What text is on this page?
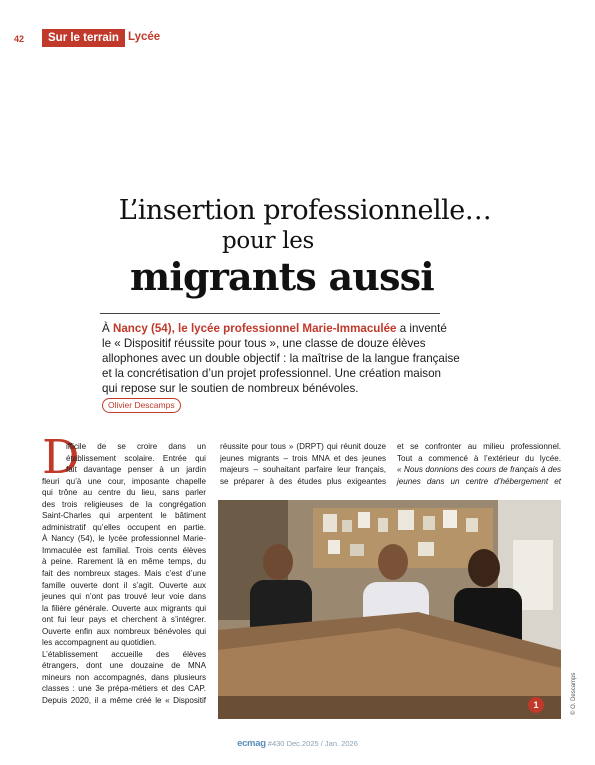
42	Sur le terrain Lycée
L’insertion professionnelle…
pour les
migrants aussi
À Nancy (54), le lycée professionnel Marie-Immaculée a inventé
le « Dispositif réussite pour tous », une classe de douze élèves
allophones avec un double objectif : la maîtrise de la langue française
et la concrétisation d’un projet professionnel. Une création maison
qui repose sur le soutien de nombreux bénévoles.
Olivier Descamps
D
ifficile de se croire dans un
établissement scolaire. Entrée qui
fait davantage penser à un jardin
fleuri qu’à une cour, imposante chapelle
qui trône au centre du lieu, sans parler
des trois religieuses de la congrégation
Saint-Charles qui arpentent le bâtiment
administratif qu’elles occupent en partie.
À Nancy (54), le lycée professionnel Marie-
Immaculée est familial. Trois cents élèves
à peine. Rarement là en même temps, du
fait des nombreux stages. Mais c’est d’une
famille ouverte dont il s’agit. Ouverte aux
jeunes qui n’ont pas trouvé leur voie dans
la filière générale. Ouverte aux migrants qui
ont fui leur pays et cherchent à s’intégrer.
Ouverte enfin aux nombreux bénévoles qui
les accompagnent au quotidien.
L’établissement accueille des élèves
étrangers, dont une douzaine de MNA
mineurs non accompagnés, dans plusieurs
classes : une 3e prépa-métiers et des CAP.
Depuis 2020, il a même créé le « Dispositif
réussite pour tous » (DRPT) qui réunit douze
jeunes migrants – trois MNA et des jeunes
majeurs – souhaitant parfaire leur français,
se préparer à des études plus exigeantes
et se confronter au milieu professionnel.
Tout a commencé à l’extérieur du lycée.
« Nous donnions des cours de français à des
jeunes dans un centre d’hébergement et
1	© O. Descamps
ecmag #430 Dec.2025 / Jan. 2026
